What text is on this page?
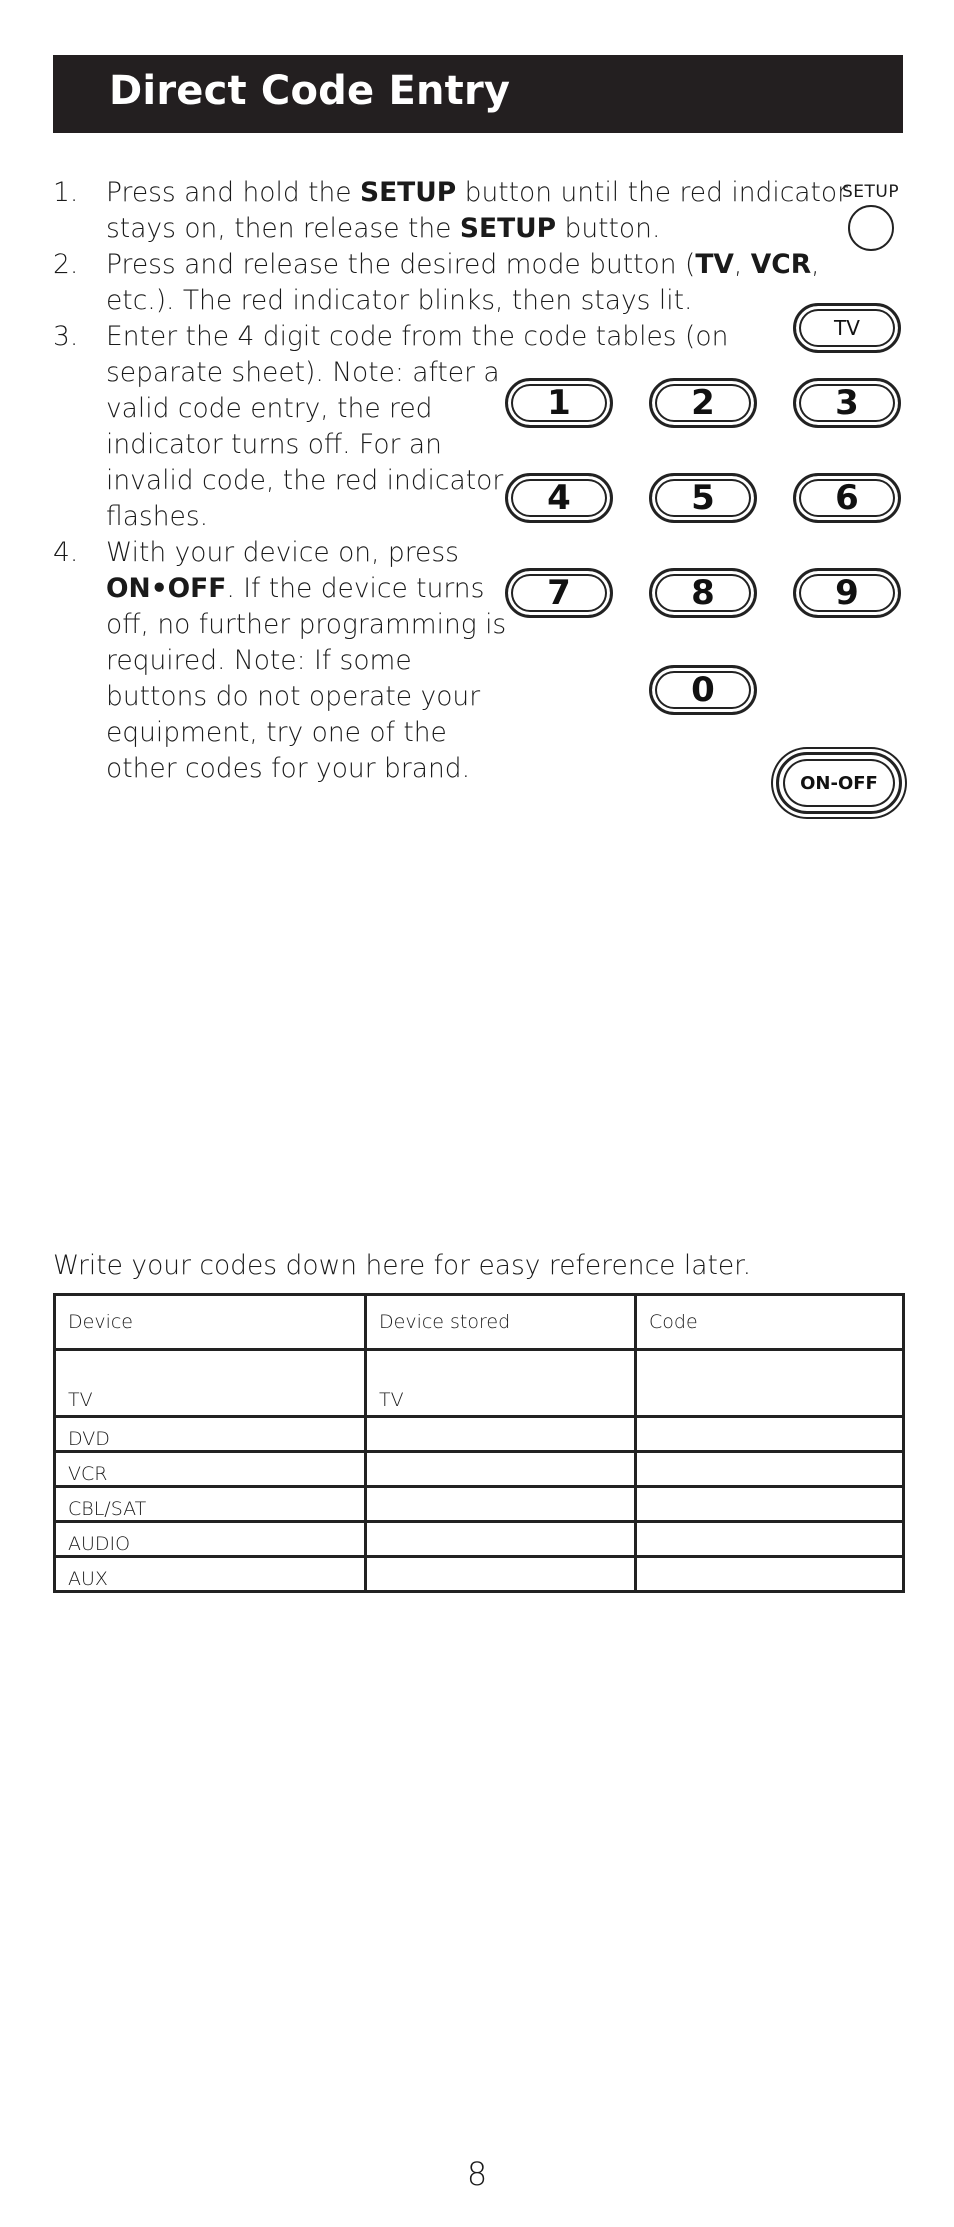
Direct Code Entry
1. Press and hold the SETUP button until the red indicator stays on, then release the SETUP button.
2. Press and release the desired mode button (TV, VCR, etc.). The red indicator blinks, then stays lit.
3. Enter the 4 digit code from the code tables (on
separate sheet). Note: after a valid code entry, the red indicator turns off. For an invalid code, the red indicator flashes.
4. With your device on, press ON•OFF. If the device turns off, no further programming is required. Note: If some buttons do not operate your equipment, try one of the other codes for your brand.
SETUP
TV
1	2	3
4	5	6
7	8	9
0
ON-OFF
Write your codes down here for easy reference later.
Device	Device stored	Code
TV	TV	
DVD		
VCR		
CBL/SAT		
AUDIO		
AUX		
8
